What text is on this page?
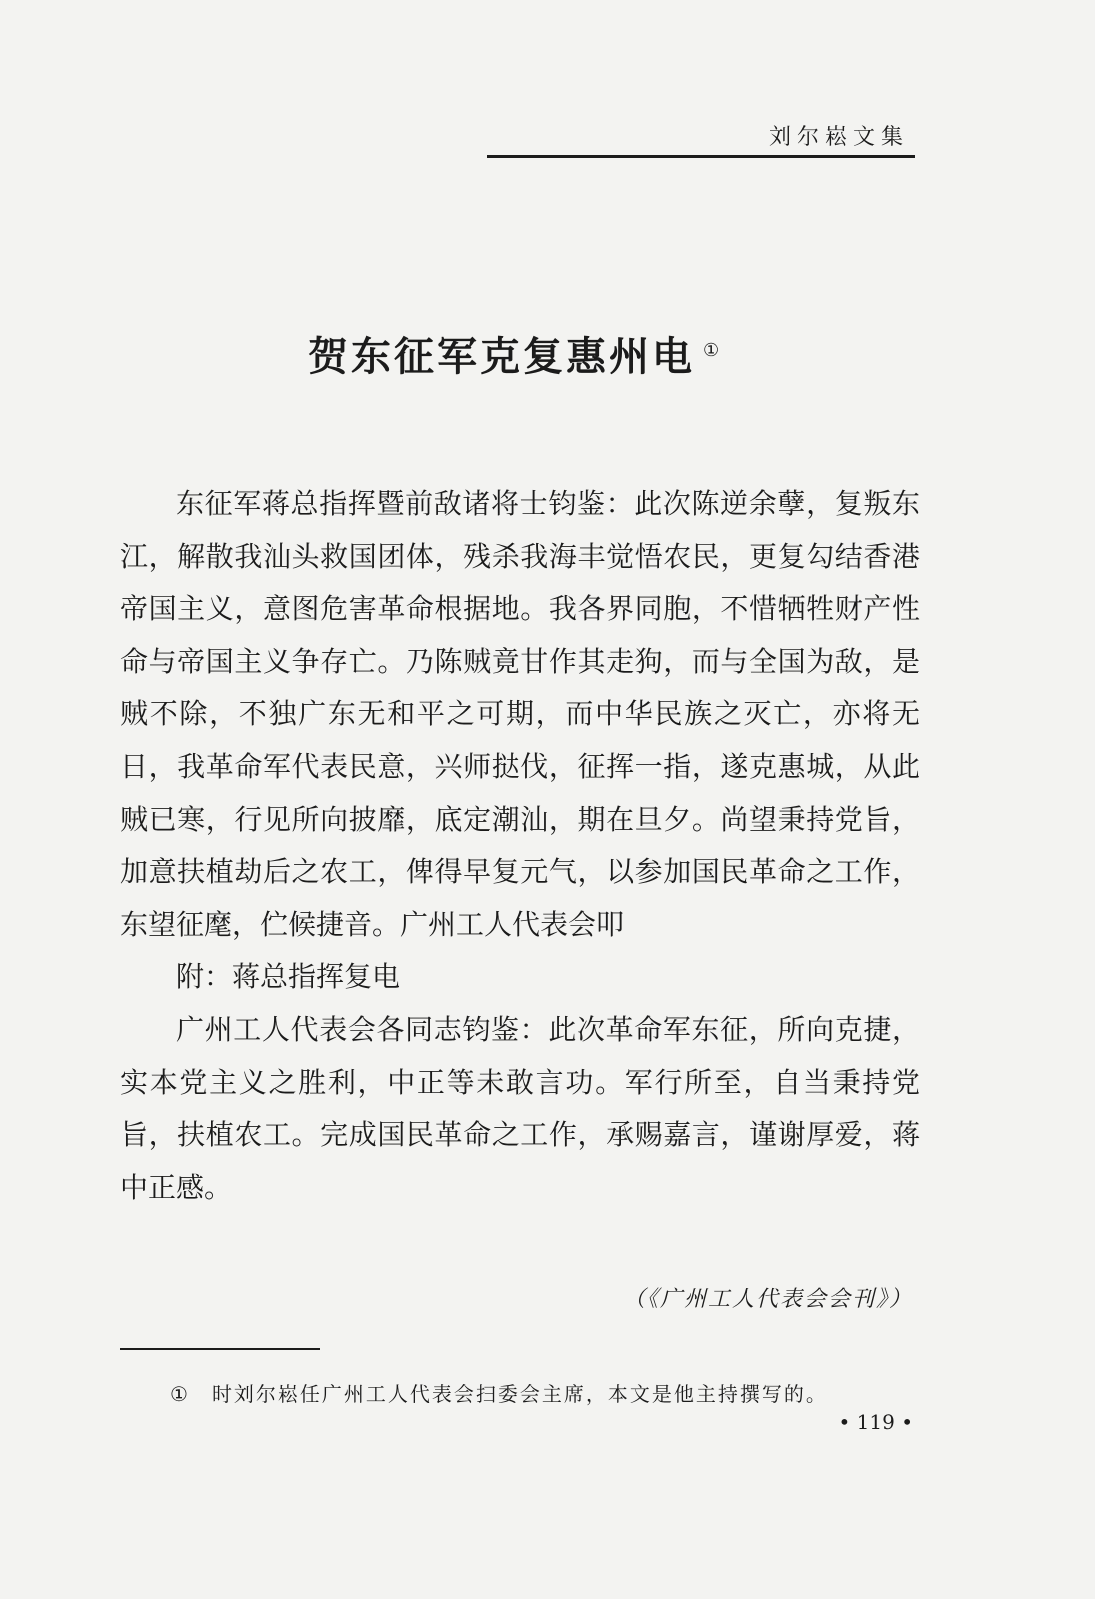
刘尔崧文集
贺东征军克复惠州电 ①

东征军蒋总指挥暨前敌诸将士钧鉴：此次陈逆余孽，复叛东江，解散我汕头救国团体，残杀我海丰觉悟农民，更复勾结香港帝国主义，意图危害革命根据地。我各界同胞，不惜牺牲财产性命与帝国主义争存亡。乃陈贼竟甘作其走狗，而与全国为敌，是贼不除，不独广东无和平之可期，而中华民族之灭亡，亦将无日，我革命军代表民意，兴师挞伐，征挥一指，遂克惠城，从此贼已寒，行见所向披靡，底定潮汕，期在旦夕。尚望秉持党旨，加意扶植劫后之农工，俾得早复元气，以参加国民革命之工作，东望征麾，伫候捷音。广州工人代表会叩

附：蒋总指挥复电

广州工人代表会各同志钧鉴：此次革命军东征，所向克捷，实本党主义之胜利，中正等未敢言功。军行所至，自当秉持党旨，扶植农工。完成国民革命之工作，承赐嘉言，谨谢厚爱，蒋中正感。

（《广州工人代表会会刊》）
① 时刘尔崧任广州工人代表会扫委会主席，本文是他主持撰写的。
• 119 •
